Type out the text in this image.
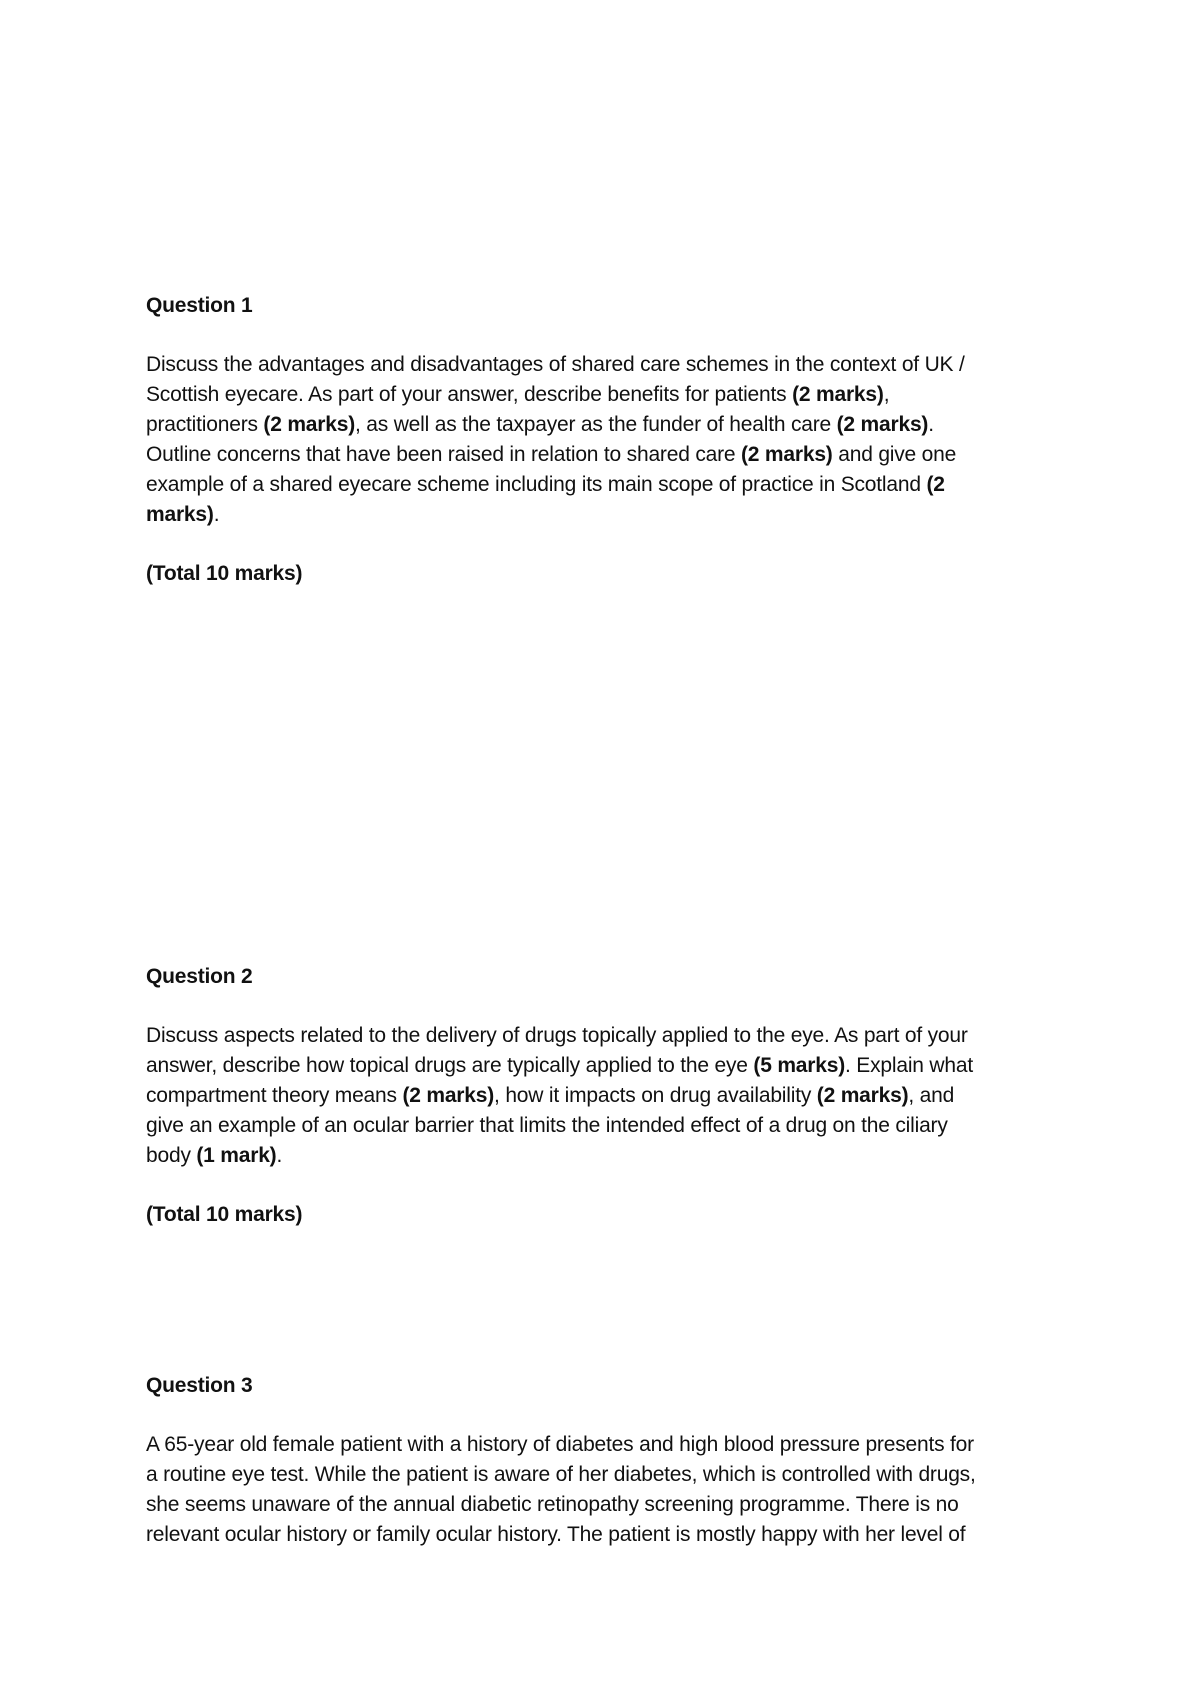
Question 1

Discuss the advantages and disadvantages of shared care schemes in the context of UK /
Scottish eyecare. As part of your answer, describe benefits for patients (2 marks),
practitioners (2 marks), as well as the taxpayer as the funder of health care (2 marks).
Outline concerns that have been raised in relation to shared care (2 marks) and give one
example of a shared eyecare scheme including its main scope of practice in Scotland (2
marks).

(Total 10 marks)

Question 2

Discuss aspects related to the delivery of drugs topically applied to the eye. As part of your
answer, describe how topical drugs are typically applied to the eye (5 marks). Explain what
compartment theory means (2 marks), how it impacts on drug availability (2 marks), and
give an example of an ocular barrier that limits the intended effect of a drug on the ciliary
body (1 mark).

(Total 10 marks)

Question 3

A 65-year old female patient with a history of diabetes and high blood pressure presents for
a routine eye test. While the patient is aware of her diabetes, which is controlled with drugs,
she seems unaware of the annual diabetic retinopathy screening programme. There is no
relevant ocular history or family ocular history. The patient is mostly happy with her level of
